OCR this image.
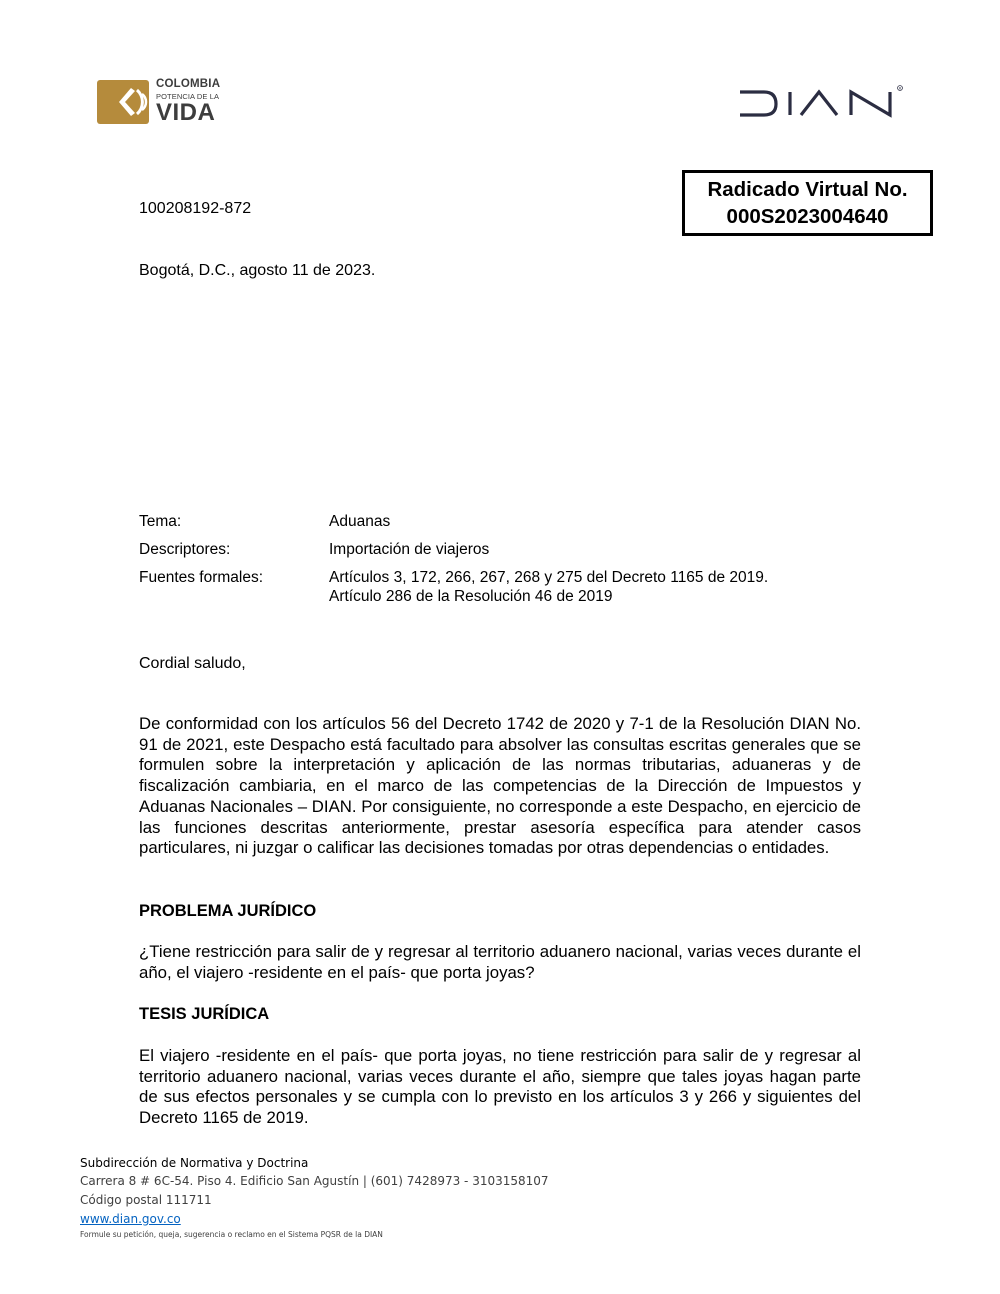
COLOMBIA
POTENCIA DE LA
VIDA
R
Radicado Virtual No.
000S2023004640
100208192-872
Bogotá, D.C., agosto 11 de 2023.
Tema:	Aduanas
Descriptores:	Importación de viajeros
Fuentes formales:	Artículos 3, 172, 266, 267, 268 y 275 del Decreto 1165 de 2019.
Artículo 286 de la Resolución 46 de 2019
Cordial saludo,

De conformidad con los artículos 56 del Decreto 1742 de 2020 y 7-1 de la Resolución DIAN No. 91 de 2021, este Despacho está facultado para absolver las consultas escritas generales que se formulen sobre la interpretación y aplicación de las normas tributarias, aduaneras y de fiscalización cambiaria, en el marco de las competencias de la Dirección de Impuestos y Aduanas Nacionales – DIAN. Por consiguiente, no corresponde a este Despacho, en ejercicio de las funciones descritas anteriormente, prestar asesoría específica para atender casos particulares, ni juzgar o calificar las decisiones tomadas por otras dependencias o entidades.

PROBLEMA JURÍDICO

¿Tiene restricción para salir de y regresar al territorio aduanero nacional, varias veces durante el año, el viajero -residente en el país- que porta joyas?

TESIS JURÍDICA

El viajero -residente en el país- que porta joyas, no tiene restricción para salir de y regresar al territorio aduanero nacional, varias veces durante el año, siempre que tales joyas hagan parte de sus efectos personales y se cumpla con lo previsto en los artículos 3 y 266 y siguientes del Decreto 1165 de 2019.

Subdirección de Normativa y Doctrina
Carrera 8 # 6C-54. Piso 4. Edificio San Agustín | (601) 7428973 - 3103158107
Código postal 111711
www.dian.gov.co
Formule su petición, queja, sugerencia o reclamo en el Sistema PQSR de la DIAN
